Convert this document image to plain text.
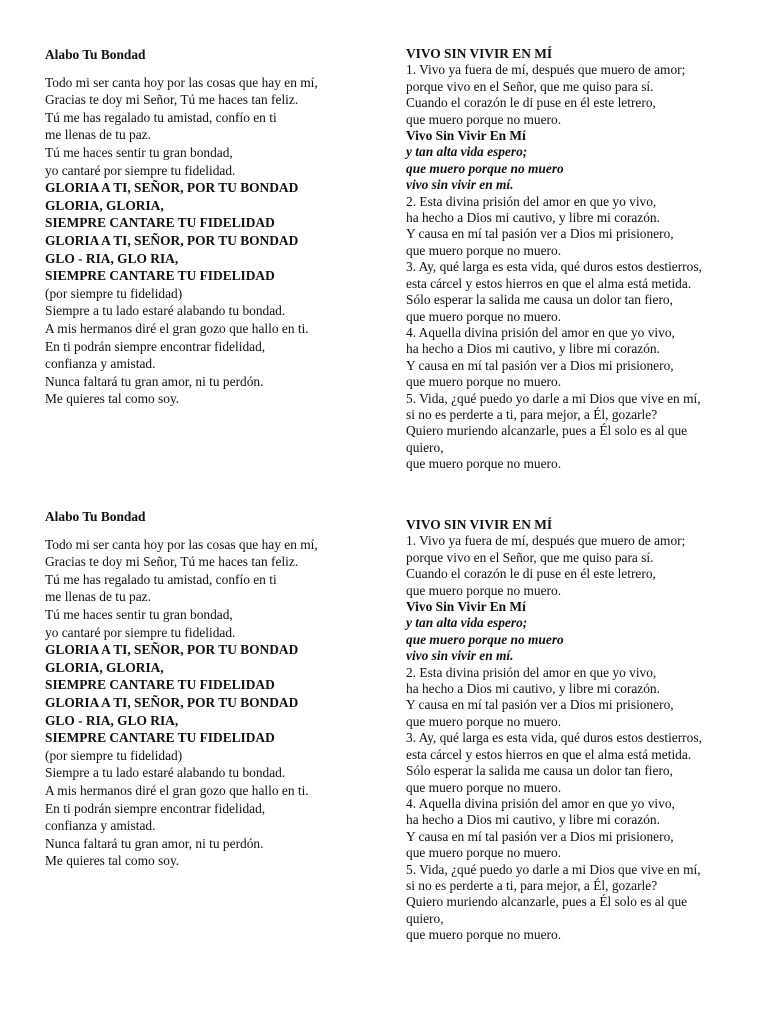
Alabo Tu Bondad
Todo mi ser canta hoy por las cosas que hay en mí,
Gracias te doy mi Señor, Tú me haces tan feliz.
Tú me has regalado tu amistad, confío en ti
me llenas de tu paz.
Tú me haces sentir tu gran bondad,
yo cantaré por siempre tu fidelidad.
GLORIA A TI, SEÑOR, POR TU BONDAD
GLORIA, GLORIA,
SIEMPRE CANTARE TU FIDELIDAD
GLORIA A TI, SEÑOR, POR TU BONDAD
GLO - RIA, GLO RIA,
SIEMPRE CANTARE TU FIDELIDAD
(por siempre tu fidelidad)
Siempre a tu lado estaré alabando tu bondad.
A mis hermanos diré el gran gozo que hallo en ti.
En ti podrán siempre encontrar fidelidad,
confianza y amistad.
Nunca faltará tu gran amor, ni tu perdón.
Me quieres tal como soy.
VIVO SIN VIVIR EN MÍ
1. Vivo ya fuera de mí, después que muero de amor;
porque vivo en el Señor, que me quiso para sí.
Cuando el corazón le di puse en él este letrero,
que muero porque no muero.
Vivo Sin Vivir En Mí
y tan alta vida espero;
que muero porque no muero
vivo sin vivir en mí.
2. Esta divina prisión del amor en que yo vivo,
ha hecho a Dios mi cautivo, y libre mi corazón.
Y causa en mí tal pasión ver a Dios mi prisionero,
que muero porque no muero.
3. Ay, qué larga es esta vida, qué duros estos destierros,
esta cárcel y estos hierros en que el alma está metida.
Sólo esperar la salida me causa un dolor tan fiero,
que muero porque no muero.
4. Aquella divina prisión del amor en que yo vivo,
ha hecho a Dios mi cautivo, y libre mi corazón.
Y causa en mí tal pasión ver a Dios mi prisionero,
que muero porque no muero.
5. Vida, ¿qué puedo yo darle a mi Dios que vive en mí,
si no es perderte a ti, para mejor, a Él, gozarle?
Quiero muriendo alcanzarle, pues a Él solo es al que
quiero,
que muero porque no muero.
Alabo Tu Bondad
Todo mi ser canta hoy por las cosas que hay en mí,
Gracias te doy mi Señor, Tú me haces tan feliz.
Tú me has regalado tu amistad, confío en ti
me llenas de tu paz.
Tú me haces sentir tu gran bondad,
yo cantaré por siempre tu fidelidad.
GLORIA A TI, SEÑOR, POR TU BONDAD
GLORIA, GLORIA,
SIEMPRE CANTARE TU FIDELIDAD
GLORIA A TI, SEÑOR, POR TU BONDAD
GLO - RIA, GLO RIA,
SIEMPRE CANTARE TU FIDELIDAD
(por siempre tu fidelidad)
Siempre a tu lado estaré alabando tu bondad.
A mis hermanos diré el gran gozo que hallo en ti.
En ti podrán siempre encontrar fidelidad,
confianza y amistad.
Nunca faltará tu gran amor, ni tu perdón.
Me quieres tal como soy.
VIVO SIN VIVIR EN MÍ
1. Vivo ya fuera de mí, después que muero de amor;
porque vivo en el Señor, que me quiso para sí.
Cuando el corazón le di puse en él este letrero,
que muero porque no muero.
Vivo Sin Vivir En Mí
y tan alta vida espero;
que muero porque no muero
vivo sin vivir en mí.
2. Esta divina prisión del amor en que yo vivo,
ha hecho a Dios mi cautivo, y libre mi corazón.
Y causa en mí tal pasión ver a Dios mi prisionero,
que muero porque no muero.
3. Ay, qué larga es esta vida, qué duros estos destierros,
esta cárcel y estos hierros en que el alma está metida.
Sólo esperar la salida me causa un dolor tan fiero,
que muero porque no muero.
4. Aquella divina prisión del amor en que yo vivo,
ha hecho a Dios mi cautivo, y libre mi corazón.
Y causa en mí tal pasión ver a Dios mi prisionero,
que muero porque no muero.
5. Vida, ¿qué puedo yo darle a mi Dios que vive en mí,
si no es perderte a ti, para mejor, a Él, gozarle?
Quiero muriendo alcanzarle, pues a Él solo es al que
quiero,
que muero porque no muero.
